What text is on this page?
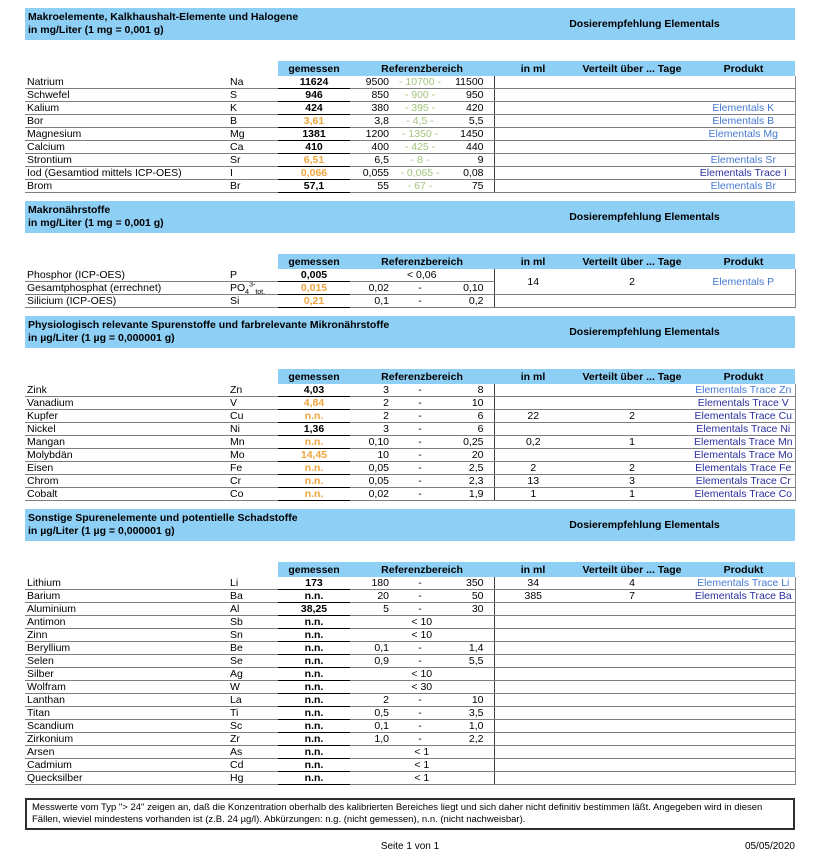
Makroelemente, Kalkhaushalt-Elemente und Halogene
in mg/Liter (1 mg = 0,001 g)	Dosierempfehlung Elementals
		gemessen	Referenzbereich			in ml	Verteilt über ... Tage	Produkt
Natrium	Na	11624	9500	- 10700 -	11500			
Schwefel	S	946	850	- 900 -	950			
Kalium	K	424	380	- 395 -	420			Elementals K
Bor	B	3,61	3,8	- 4,5 -	5,5			Elementals B
Magnesium	Mg	1381	1200	- 1350 -	1450			Elementals Mg
Calcium	Ca	410	400	- 425 -	440			
Strontium	Sr	6,51	6,5	- 8 -	9			Elementals Sr
Iod (Gesamtiod mittels ICP-OES)	I	0,066	0,055	- 0,065 -	0,08			Elementals Trace I
Brom	Br	57,1	55	- 67 -	75			Elementals Br
Makronährstoffe
in mg/Liter (1 mg = 0,001 g)	Dosierempfehlung Elementals
		gemessen	Referenzbereich			in ml	Verteilt über ... Tage	Produkt
Phosphor (ICP-OES)	P	0,005	< 0,06			14	2	Elementals P
Gesamtphosphat (errechnet)	$PO_4^{3-}_{tot.}$	0,015	0,02	-	0,10			
Silicium (ICP-OES)	Si	0,21	0,1	-	0,2			
Physiologisch relevante Spurenstoffe und farbrelevante Mikronährstoffe
in µg/Liter (1 µg = 0,000001 g)	Dosierempfehlung Elementals
		gemessen	Referenzbereich			in ml	Verteilt über ... Tage	Produkt
Zink	Zn	4,03	3	-	8			Elementals Trace Zn
Vanadium	V	4,84	2	-	10			Elementals Trace V
Kupfer	Cu	n.n.	2	-	6	22	2	Elementals Trace Cu
Nickel	Ni	1,36	3	-	6			Elementals Trace Ni
Mangan	Mn	n.n.	0,10	-	0,25	0,2	1	Elementals Trace Mn
Molybdän	Mo	14,45	10	-	20			Elementals Trace Mo
Eisen	Fe	n.n.	0,05	-	2,5	2	2	Elementals Trace Fe
Chrom	Cr	n.n.	0,05	-	2,3	13	3	Elementals Trace Cr
Cobalt	Co	n.n.	0,02	-	1,9	1	1	Elementals Trace Co
Sonstige Spurenelemente und potentielle Schadstoffe
in µg/Liter (1 µg = 0,000001 g)	Dosierempfehlung Elementals
		gemessen	Referenzbereich			in ml	Verteilt über ... Tage	Produkt
Lithium	Li	173	180	-	350	34	4	Elementals Trace Li
Barium	Ba	n.n.	20	-	50	385	7	Elementals Trace Ba
Aluminium	Al	38,25	5	-	30			
Antimon	Sb	n.n.	< 10					
Zinn	Sn	n.n.	< 10					
Beryllium	Be	n.n.	0,1	-	1,4			
Selen	Se	n.n.	0,9	-	5,5			
Silber	Ag	n.n.	< 10					
Wolfram	W	n.n.	< 30					
Lanthan	La	n.n.	2	-	10			
Titan	Ti	n.n.	0,5	-	3,5			
Scandium	Sc	n.n.	0,1	-	1,0			
Zirkonium	Zr	n.n.	1,0	-	2,2			
Arsen	As	n.n.	< 1					
Cadmium	Cd	n.n.	< 1					
Quecksilber	Hg	n.n.	< 1					
Messwerte vom Typ "> 24" zeigen an, daß die Konzentration oberhalb des kalibrierten Bereiches liegt und sich daher nicht definitiv bestimmen läßt. Angegeben wird in diesen Fällen, wieviel mindestens vorhanden ist (z.B. 24 µg/l). Abkürzungen: n.g. (nicht gemessen), n.n. (nicht nachweisbar).
Seite 1 von 1	05/05/2020
